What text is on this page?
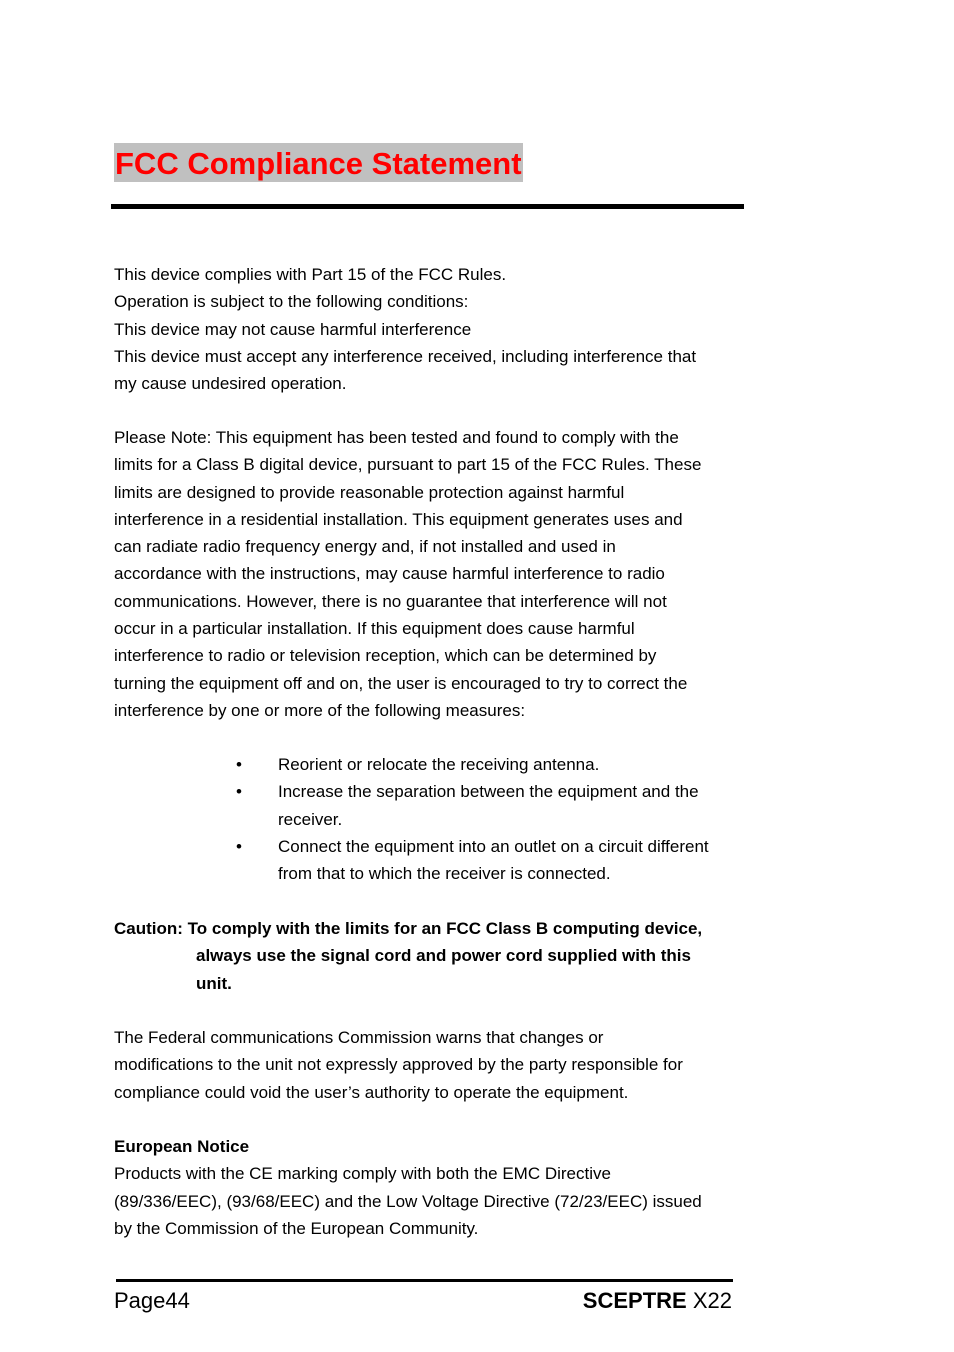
FCC Compliance Statement
This device complies with Part 15 of the FCC Rules.
Operation is subject to the following conditions:
This device may not cause harmful interference
This device must accept any interference received, including interference that
my cause undesired operation.
Please Note: This equipment has been tested and found to comply with the
limits for a Class B digital device, pursuant to part 15 of the FCC Rules. These
limits are designed to provide reasonable protection against harmful
interference in a residential installation. This equipment generates uses and
can radiate radio frequency energy and, if not installed and used in
accordance with the instructions, may cause harmful interference to radio
communications. However, there is no guarantee that interference will not
occur in a particular installation. If this equipment does cause harmful
interference to radio or television reception, which can be determined by
turning the equipment off and on, the user is encouraged to try to correct the
interference by one or more of the following measures:
•	Reorient or relocate the receiving antenna.
•	Increase the separation between the equipment and the
receiver.
•	Connect the equipment into an outlet on a circuit different
from that to which the receiver is connected.
Caution: To comply with the limits for an FCC Class B computing device,
always use the signal cord and power cord supplied with this
unit.
The Federal communications Commission warns that changes or
modifications to the unit not expressly approved by the party responsible for
compliance could void the user’s authority to operate the equipment.
European Notice
Products with the CE marking comply with both the EMC Directive
(89/336/EEC), (93/68/EEC) and the Low Voltage Directive (72/23/EEC) issued
by the Commission of the European Community.
Page44	SCEPTRE X22
